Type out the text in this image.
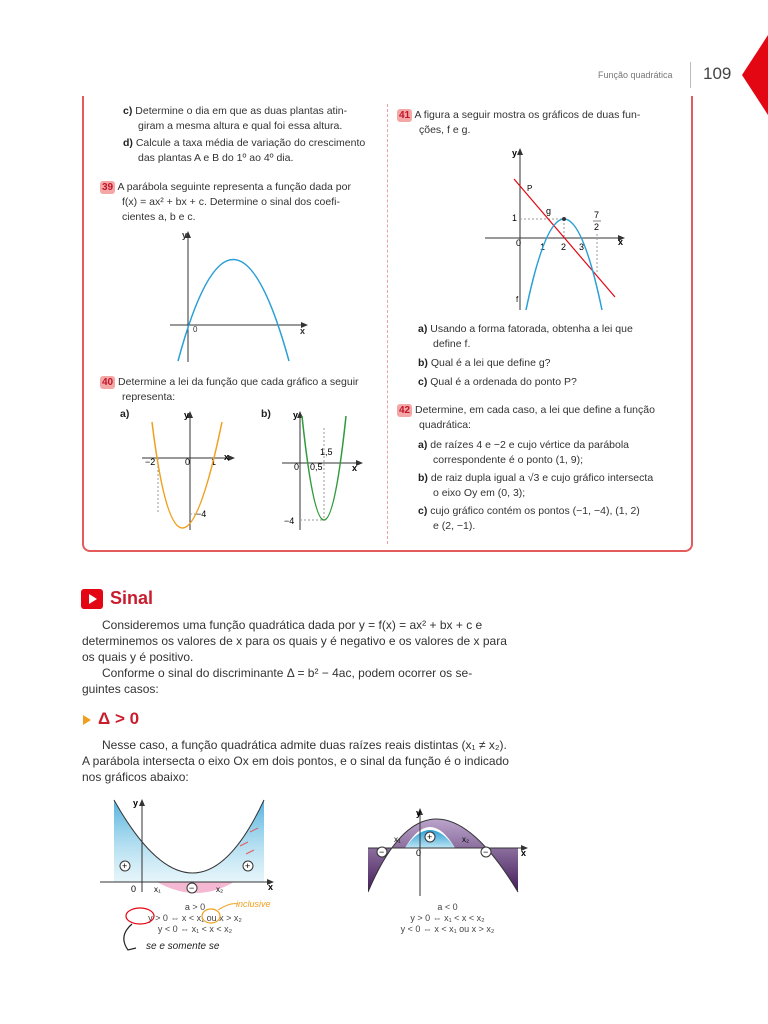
Função quadrática 109
c) Determine o dia em que as duas plantas atin-
giram a mesma altura e qual foi essa altura.
d) Calcule a taxa média de variação do crescimento
das plantas A e B do 1º ao 4º dia.
39 A parábola seguinte representa a função dada por
f(x) = ax² + bx + c. Determine o sinal dos coefi-
cientes a, b e c.
y
x
0
40 Determine a lei da função que cada gráfico a seguir
representa:
a)	b)
y
x
−2	0 1
−4
y
x
0 0,5
1,5
−4
41 A figura a seguir mostra os gráficos de duas fun-
ções, f e g.
y
x
0 1 2 3
7
2
1
P
g
f
a) Usando a forma fatorada, obtenha a lei que
define f.
b) Qual é a lei que define g?
c) Qual é a ordenada do ponto P?
42 Determine, em cada caso, a lei que define a função
quadrática:
a) de raízes 4 e −2 e cujo vértice da parábola
correspondente é o ponto (1, 9);
b) de raiz dupla igual a √3 e cujo gráfico intersecta
o eixo Oy em (0, 3);
c) cujo gráfico contém os pontos (−1, −4), (1, 2)
e (2, −1).
Sinal
Consideremos uma função quadrática dada por y = f(x) = ax² + bx + c e
determinemos os valores de x para os quais y é negativo e os valores de x para
os quais y é positivo.
Conforme o sinal do discriminante Δ = b² − 4ac, podem ocorrer os se-
guintes casos:
Δ > 0
Nesse caso, a função quadrática admite duas raízes reais distintas (x₁ ≠ x₂).
A parábola intersecta o eixo Ox em dois pontos, e o sinal da função é o indicado
nos gráficos abaixo:
y
x
0 x₁	x₂
+	+
−
a > 0
y > 0 ⇔ x < x₁ ou x > x₂
y < 0 ⇔ x₁ < x < x₂
inclusive
se e somente se
y
x
0
x₁	x₂
+
−	−
a < 0
y > 0 ⇔ x₁ < x < x₂
y < 0 ⇔ x < x₁ ou x > x₂
